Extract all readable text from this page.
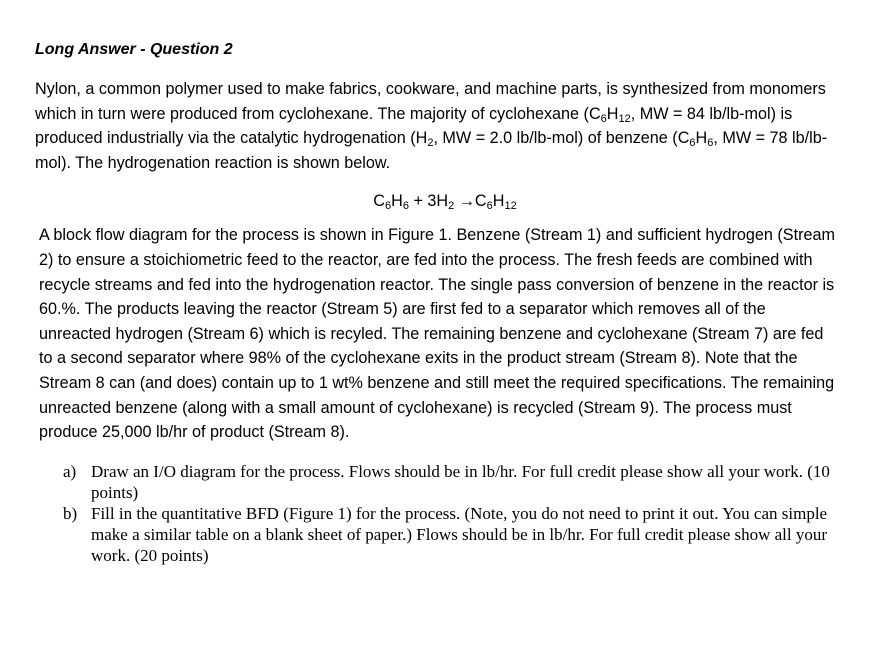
Long Answer - Question 2

Nylon, a common polymer used to make fabrics, cookware, and machine parts, is synthesized from monomers which in turn were produced from cyclohexane. The majority of cyclohexane ($C_6H_{12}$, MW = 84 lb/lb-mol) is produced industrially via the catalytic hydrogenation ($H_2$, MW = 2.0 lb/lb-mol) of benzene ($C_6H_6$, MW = 78 lb/lb-mol). The hydrogenation reaction is shown below.

$C_6H_6 + 3H_2 \to C_6H_{12}$

A block flow diagram for the process is shown in Figure 1. Benzene (Stream 1) and sufficient hydrogen (Stream 2) to ensure a stoichiometric feed to the reactor, are fed into the process. The fresh feeds are combined with recycle streams and fed into the hydrogenation reactor. The single pass conversion of benzene in the reactor is 60.%. The products leaving the reactor (Stream 5) are first fed to a separator which removes all of the unreacted hydrogen (Stream 6) which is recyled. The remaining benzene and cyclohexane (Stream 7) are fed to a second separator where 98% of the cyclohexane exits in the product stream (Stream 8). Note that the Stream 8 can (and does) contain up to 1 wt% benzene and still meet the required specifications. The remaining unreacted benzene (along with a small amount of cyclohexane) is recycled (Stream 9). The process must produce 25,000 lb/hr of product (Stream 8).

a) Draw an I/O diagram for the process. Flows should be in lb/hr. For full credit please show all your work. (10 points)
b) Fill in the quantitative BFD (Figure 1) for the process. (Note, you do not need to print it out. You can simple make a similar table on a blank sheet of paper.) Flows should be in lb/hr. For full credit please show all your work. (20 points)
